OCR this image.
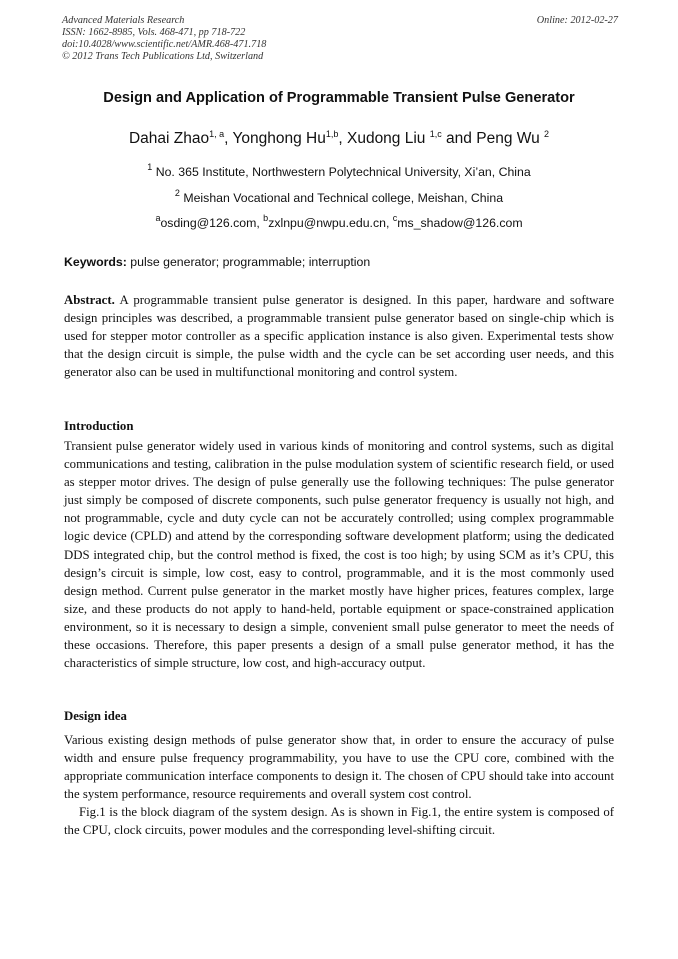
Advanced Materials Research
ISSN: 1662-8985, Vols. 468-471, pp 718-722
doi:10.4028/www.scientific.net/AMR.468-471.718
© 2012 Trans Tech Publications Ltd, Switzerland
Online: 2012-02-27
Design and Application of Programmable Transient Pulse Generator
Dahai Zhao$^{1, a}$, Yonghong Hu$^{1,b}$, Xudong Liu $^{1,c}$ and Peng Wu $^2$
$^1$ No. 365 Institute, Northwestern Polytechnical University, Xi’an, China
$^2$ Meishan Vocational and Technical college, Meishan, China
$^a$osding@126.com, $^b$zxlnpu@nwpu.edu.cn, $^c$ms_shadow@126.com
Keywords: pulse generator; programmable; interruption
Abstract. A programmable transient pulse generator is designed. In this paper, hardware and software design principles was described, a programmable transient pulse generator based on single-chip which is used for stepper motor controller as a specific application instance is also given. Experimental tests show that the design circuit is simple, the pulse width and the cycle can be set according user needs, and this generator also can be used in multifunctional monitoring and control system.
Introduction
Transient pulse generator widely used in various kinds of monitoring and control systems, such as digital communications and testing, calibration in the pulse modulation system of scientific research field, or used as stepper motor drives. The design of pulse generally use the following techniques: The pulse generator just simply be composed of discrete components, such pulse generator frequency is usually not high, and not programmable, cycle and duty cycle can not be accurately controlled; using complex programmable logic device (CPLD) and attend by the corresponding software development platform; using the dedicated DDS integrated chip, but the control method is fixed, the cost is too high; by using SCM as it’s CPU, this design’s circuit is simple, low cost, easy to control, programmable, and it is the most commonly used design method. Current pulse generator in the market mostly have higher prices, features complex, large size, and these products do not apply to hand-held, portable equipment or space-constrained application environment, so it is necessary to design a simple, convenient small pulse generator to meet the needs of these occasions. Therefore, this paper presents a design of a small pulse generator method, it has the characteristics of simple structure, low cost, and high-accuracy output.
Design idea
Various existing design methods of pulse generator show that, in order to ensure the accuracy of pulse width and ensure pulse frequency programmability, you have to use the CPU core, combined with the appropriate communication interface components to design it. The chosen of CPU should take into account the system performance, resource requirements and overall system cost control.
Fig.1 is the block diagram of the system design. As is shown in Fig.1, the entire system is composed of the CPU, clock circuits, power modules and the corresponding level-shifting circuit.
